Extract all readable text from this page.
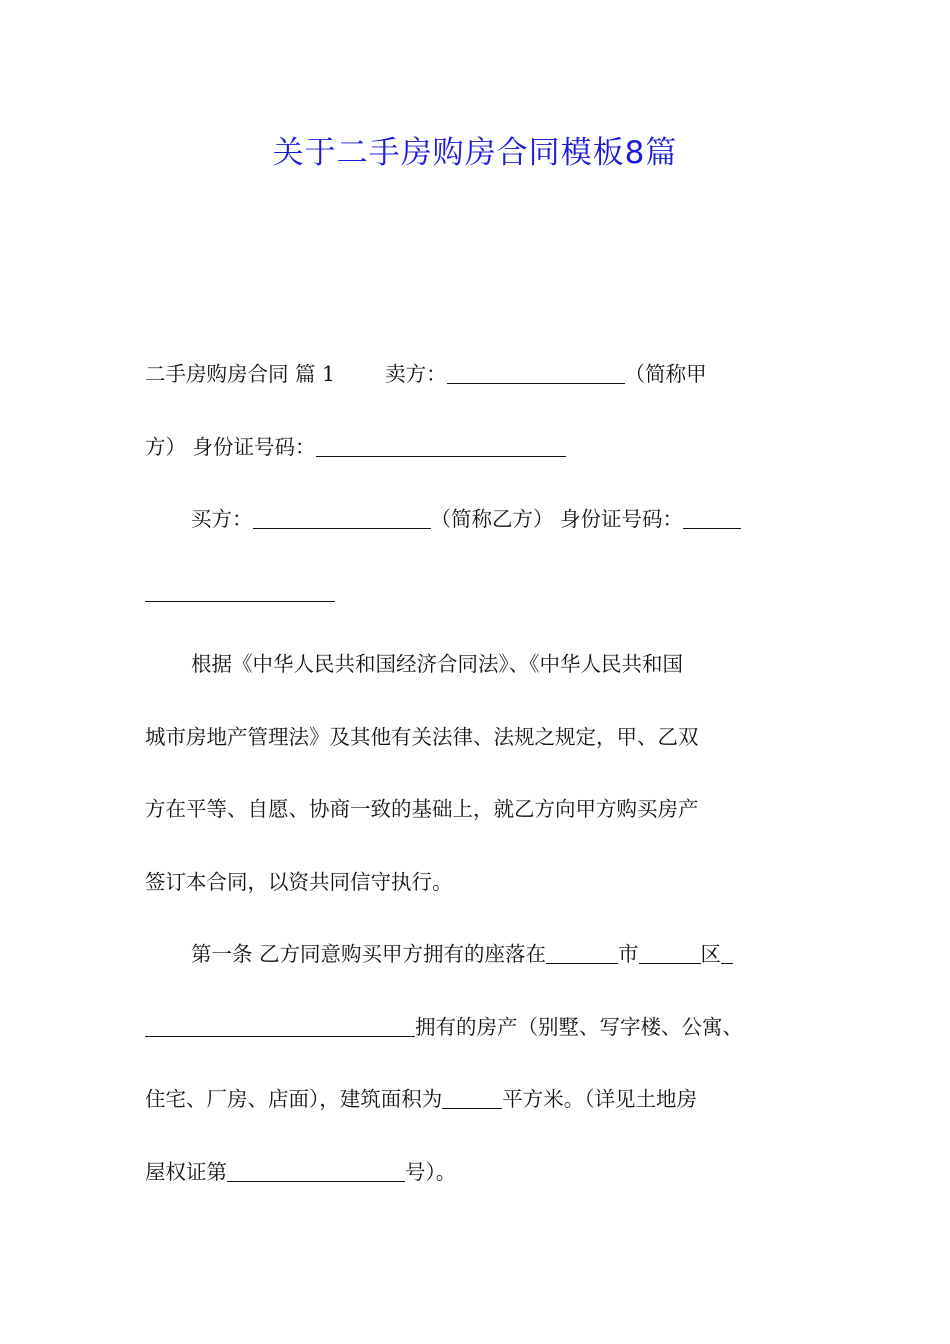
关于二手房购房合同模板8篇
二手房购房合同 篇 1 卖方：	（简称甲
方） 身份证号码：
买方：	（简称乙方） 身份证号码：
根据《中华人民共和国经济合同法》、《中华人民共和国
城市房地产管理法》及其他有关法律、法规之规定，甲、乙双
方在平等、自愿、协商一致的基础上，就乙方向甲方购买房产
签订本合同，以资共同信守执行。
第一条 乙方同意购买甲方拥有的座落在	市	区
拥有的房产（别墅、写字楼、公寓、
住宅、厂房、店面），建筑面积为	平方米。（详见土地房
屋权证第	号）。
